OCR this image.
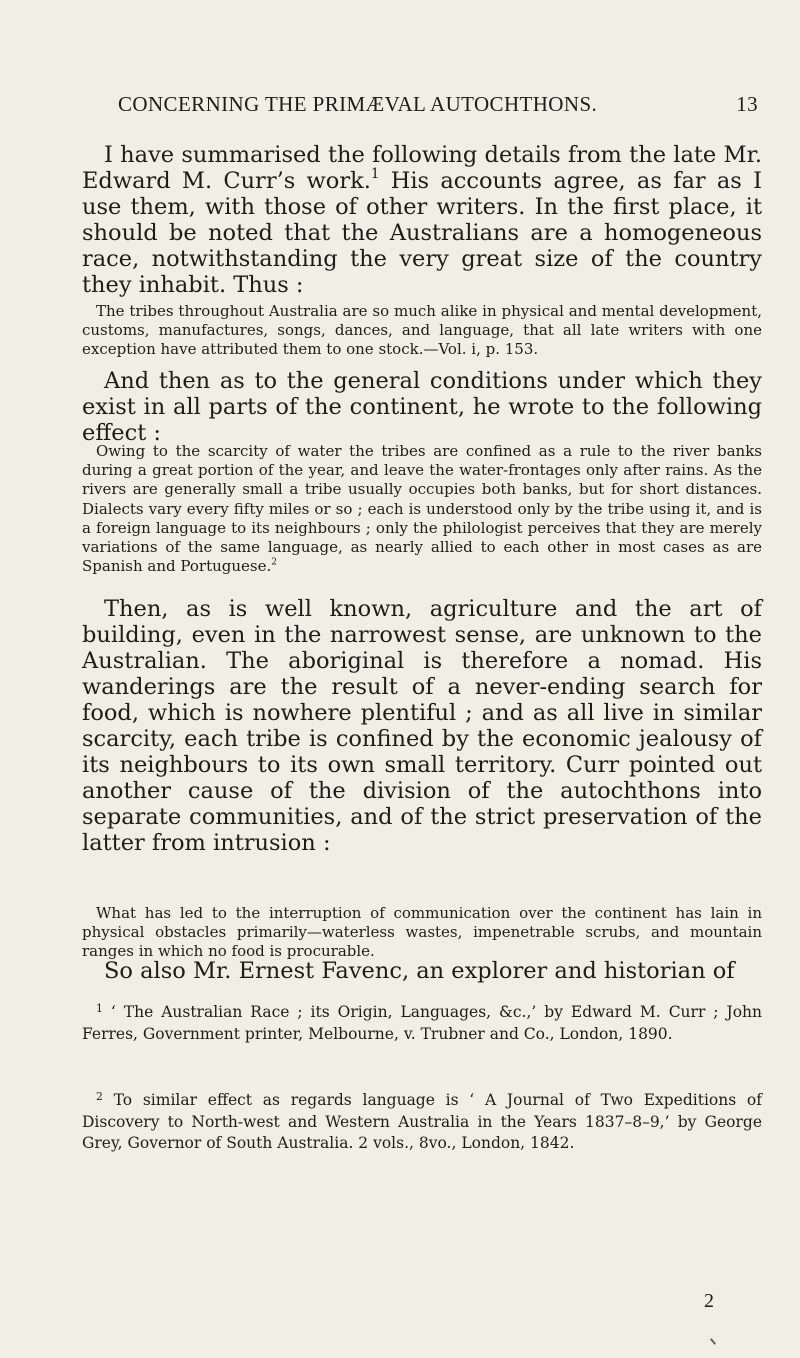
CONCERNING THE PRIMÆVAL AUTOCHTHONS.	13

I have summarised the following details from the late Mr. Edward M. Curr’s work.$^1$ His accounts agree, as far as I use them, with those of other writers. In the first place, it should be noted that the Australians are a homogeneous race, notwithstanding the very great size of the country they inhabit. Thus :

The tribes throughout Australia are so much alike in physical and mental development, customs, manufactures, songs, dances, and language, that all late writers with one exception have attributed them to one stock.—Vol. i, p. 153.

And then as to the general conditions under which they exist in all parts of the continent, he wrote to the following effect :

Owing to the scarcity of water the tribes are confined as a rule to the river banks during a great portion of the year, and leave the water-frontages only after rains. As the rivers are generally small a tribe usually occupies both banks, but for short distances. Dialects vary every fifty miles or so ; each is understood only by the tribe using it, and is a foreign language to its neighbours ; only the philologist perceives that they are merely variations of the same language, as nearly allied to each other in most cases as are Spanish and Portuguese.$^2$

Then, as is well known, agriculture and the art of building, even in the narrowest sense, are unknown to the Australian. The aboriginal is therefore a nomad. His wanderings are the result of a never-ending search for food, which is nowhere plentiful ; and as all live in similar scarcity, each tribe is confined by the economic jealousy of its neighbours to its own small territory. Curr pointed out another cause of the division of the autochthons into separate communities, and of the strict preservation of the latter from intrusion :

What has led to the interruption of communication over the continent has lain in physical obstacles primarily—waterless wastes, impenetrable scrubs, and mountain ranges in which no food is procurable.

So also Mr. Ernest Favenc, an explorer and historian of

$^1$ ‘ The Australian Race ; its Origin, Languages, &c.,’ by Edward M. Curr ; John Ferres, Government printer, Melbourne, v. Trubner and Co., London, 1890.

$^2$ To similar effect as regards language is ‘ A Journal of Two Expeditions of Discovery to North-west and Western Australia in the Years 1837–8–9,’ by George Grey, Governor of South Australia. 2 vols., 8vo., London, 1842.

2
